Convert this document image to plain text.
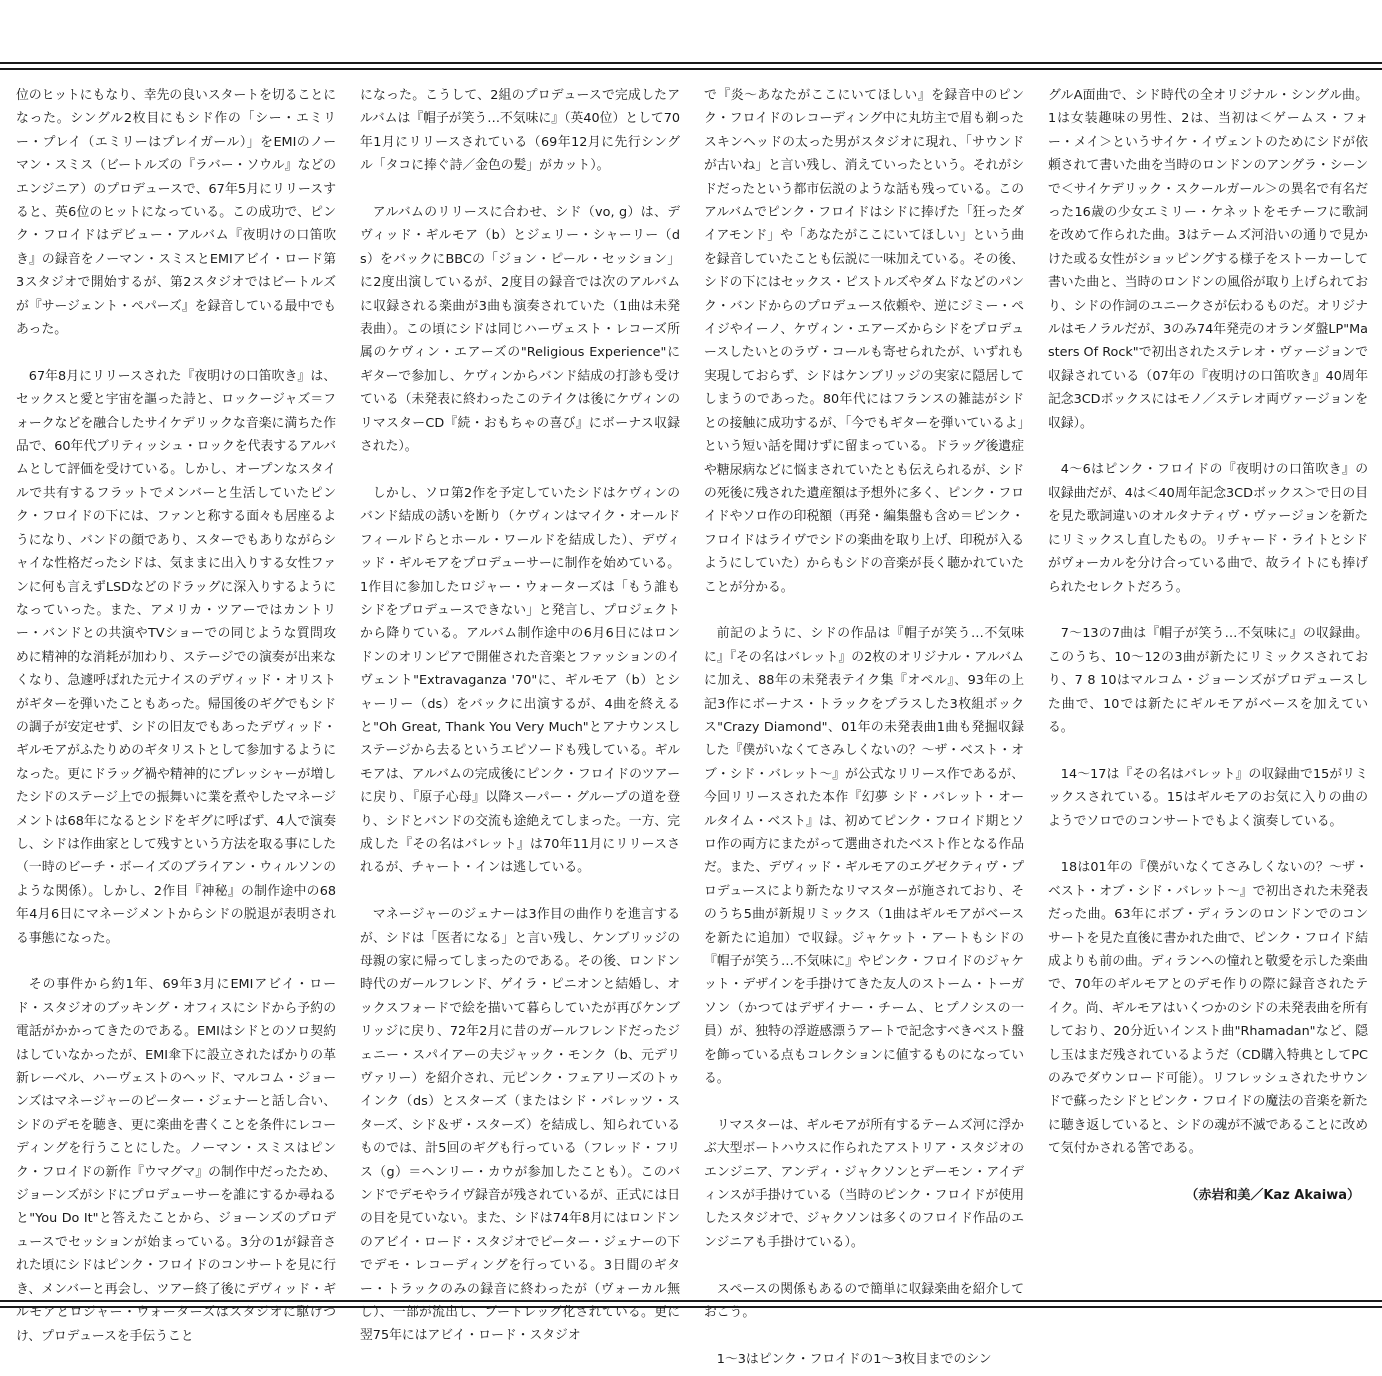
位のヒットにもなり、幸先の良いスタートを切ることになった。シングル2枚目にもシド作の「シー・エミリー・プレイ（エミリーはプレイガール）」をEMIのノーマン・スミス（ビートルズの『ラバー・ソウル』などのエンジニア）のプロデュースで、67年5月にリリースすると、英6位のヒットになっている。この成功で、ピンク・フロイドはデビュー・アルバム『夜明けの口笛吹き』の録音をノーマン・スミスとEMIアビイ・ロード第3スタジオで開始するが、第2スタジオではビートルズが『サージェント・ペパーズ』を録音している最中でもあった。

67年8月にリリースされた『夜明けの口笛吹き』は、セックスと愛と宇宙を謳った詩と、ロックージャズ＝フォークなどを融合したサイケデリックな音楽に満ちた作品で、60年代ブリティッシュ・ロックを代表するアルバムとして評価を受けている。しかし、オープンなスタイルで共有するフラットでメンバーと生活していたピンク・フロイドの下には、ファンと称する面々も居座るようになり、バンドの顔であり、スターでもありながらシャイな性格だったシドは、気ままに出入りする女性ファンに何も言えずLSDなどのドラッグに深入りするようになっていった。また、アメリカ・ツアーではカントリー・バンドとの共演やTVショーでの同じような質問攻めに精神的な消耗が加わり、ステージでの演奏が出来なくなり、急遽呼ばれた元ナイスのデヴィッド・オリストがギターを弾いたこともあった。帰国後のギグでもシドの調子が安定せず、シドの旧友でもあったデヴィッド・ギルモアがふたりめのギタリストとして参加するようになった。更にドラッグ禍や精神的にプレッシャーが増したシドのステージ上での振舞いに業を煮やしたマネージメントは68年になるとシドをギグに呼ばず、4人で演奏し、シドは作曲家として残すという方法を取る事にした（一時のビーチ・ボーイズのブライアン・ウィルソンのような関係）。しかし、2作目『神秘』の制作途中の68年4月6日にマネージメントからシドの脱退が表明される事態になった。

その事件から約1年、69年3月にEMIアビイ・ロード・スタジオのブッキング・オフィスにシドから予約の電話がかかってきたのである。EMIはシドとのソロ契約はしていなかったが、EMI傘下に設立されたばかりの革新レーベル、ハーヴェストのヘッド、マルコム・ジョーンズはマネージャーのピーター・ジェナーと話し合い、シドのデモを聴き、更に楽曲を書くことを条件にレコーディングを行うことにした。ノーマン・スミスはピンク・フロイドの新作『ウマグマ』の制作中だったため、ジョーンズがシドにプロデューサーを誰にするか尋ねると"You Do It"と答えたことから、ジョーンズのプロデュースでセッションが始まっている。3分の1が録音された頃にシドはピンク・フロイドのコンサートを見に行き、メンバーと再会し、ツアー終了後にデヴィッド・ギルモアとロジャー・ウォーターズはスタジオに駆けつけ、プロデュースを手伝うこと

になった。こうして、2組のプロデュースで完成したアルバムは『帽子が笑う…不気味に』（英40位）として70年1月にリリースされている（69年12月に先行シングル「タコに捧ぐ詩／金色の髪」がカット）。

アルバムのリリースに合わせ、シド（vo, g）は、デヴィッド・ギルモア（b）とジェリー・シャーリー（ds）をバックにBBCの「ジョン・ピール・セッション」に2度出演しているが、2度目の録音では次のアルバムに収録される楽曲が3曲も演奏されていた（1曲は未発表曲）。この頃にシドは同じハーヴェスト・レコーズ所属のケヴィン・エアーズの"Religious Experience"にギターで参加し、ケヴィンからバンド結成の打診も受けている（未発表に終わったこのテイクは後にケヴィンのリマスターCD『続・おもちゃの喜び』にボーナス収録された）。

しかし、ソロ第2作を予定していたシドはケヴィンのバンド結成の誘いを断り（ケヴィンはマイク・オールドフィールドらとホール・ワールドを結成した）、デヴィッド・ギルモアをプロデューサーに制作を始めている。1作目に参加したロジャー・ウォーターズは「もう誰もシドをプロデュースできない」と発言し、プロジェクトから降りている。アルバム制作途中の6月6日にはロンドンのオリンピアで開催された音楽とファッションのイヴェント"Extravaganza '70"に、ギルモア（b）とシャーリー（ds）をバックに出演するが、4曲を終えると"Oh Great, Thank You Very Much"とアナウンスしステージから去るというエピソードも残している。ギルモアは、アルバムの完成後にピンク・フロイドのツアーに戻り、『原子心母』以降スーパー・グループの道を登り、シドとバンドの交流も途絶えてしまった。一方、完成した『その名はバレット』は70年11月にリリースされるが、チャート・インは逃している。

マネージャーのジェナーは3作目の曲作りを進言するが、シドは「医者になる」と言い残し、ケンブリッジの母親の家に帰ってしまったのである。その後、ロンドン時代のガールフレンド、ゲイラ・ピニオンと結婚し、オックスフォードで絵を描いて暮らしていたが再びケンブリッジに戻り、72年2月に昔のガールフレンドだったジェニー・スパイアーの夫ジャック・モンク（b、元デリヴァリー）を紹介され、元ピンク・フェアリーズのトゥインク（ds）とスターズ（またはシド・バレッツ・スターズ、シド＆ザ・スターズ）を結成し、知られているものでは、計5回のギグも行っている（フレッド・フリス（g）＝ヘンリー・カウが参加したことも）。このバンドでデモやライヴ録音が残されているが、正式には日の目を見ていない。また、シドは74年8月にはロンドンのアビイ・ロード・スタジオでピーター・ジェナーの下でデモ・レコーディングを行っている。3日間のギター・トラックのみの録音に終わったが（ヴォーカル無し）、一部が流出し、ブートレッグ化されている。更に翌75年にはアビイ・ロード・スタジオ

で『炎～あなたがここにいてほしい』を録音中のピンク・フロイドのレコーディング中に丸坊主で眉も剃ったスキンヘッドの太った男がスタジオに現れ、「サウンドが古いね」と言い残し、消えていったという。それがシドだったという都市伝説のような話も残っている。このアルバムでピンク・フロイドはシドに捧げた「狂ったダイアモンド」や「あなたがここにいてほしい」という曲を録音していたことも伝説に一味加えている。その後、シドの下にはセックス・ピストルズやダムドなどのパンク・バンドからのプロデュース依頼や、逆にジミー・ペイジやイーノ、ケヴィン・エアーズからシドをプロデュースしたいとのラヴ・コールも寄せられたが、いずれも実現しておらず、シドはケンブリッジの実家に隠居してしまうのであった。80年代にはフランスの雑誌がシドとの接触に成功するが、「今でもギターを弾いているよ」という短い話を聞けずに留まっている。ドラッグ後遺症や糖尿病などに悩まされていたとも伝えられるが、シドの死後に残された遺産額は予想外に多く、ピンク・フロイドやソロ作の印税額（再発・編集盤も含め＝ピンク・フロイドはライヴでシドの楽曲を取り上げ、印税が入るようにしていた）からもシドの音楽が長く聴かれていたことが分かる。

前記のように、シドの作品は『帽子が笑う…不気味に』『その名はバレット』の2枚のオリジナル・アルバムに加え、88年の未発表テイク集『オペル』、93年の上記3作にボーナス・トラックをプラスした3枚組ボックス"Crazy Diamond"、01年の未発表曲1曲も発掘収録した『僕がいなくてさみしくないの？～ザ・ベスト・オブ・シド・バレット～』が公式なリリース作であるが、今回リリースされた本作『幻夢 シド・バレット・オールタイム・ベスト』は、初めてピンク・フロイド期とソロ作の両方にまたがって選曲されたベスト作となる作品だ。また、デヴィッド・ギルモアのエグゼクティヴ・プロデュースにより新たなリマスターが施されており、そのうち5曲が新規リミックス（1曲はギルモアがベースを新たに追加）で収録。ジャケット・アートもシドの『帽子が笑う…不気味に』やピンク・フロイドのジャケット・デザインを手掛けてきた友人のストーム・トーガソン（かつてはデザイナー・チーム、ヒプノシスの一員）が、独特の浮遊感漂うアートで記念すべきベスト盤を飾っている点もコレクションに値するものになっている。

リマスターは、ギルモアが所有するテームズ河に浮かぶ大型ボートハウスに作られたアストリア・スタジオのエンジニア、アンディ・ジャクソンとデーモン・アイディンスが手掛けている（当時のピンク・フロイドが使用したスタジオで、ジャクソンは多くのフロイド作品のエンジニアも手掛けている）。

スペースの関係もあるので簡単に収録楽曲を紹介しておこう。

1～3はピンク・フロイドの1～3枚目までのシン

グルA面曲で、シド時代の全オリジナル・シングル曲。1は女装趣味の男性、2は、当初は＜ゲームス・フォー・メイ＞というサイケ・イヴェントのためにシドが依頼されて書いた曲を当時のロンドンのアングラ・シーンで＜サイケデリック・スクールガール＞の異名で有名だった16歳の少女エミリー・ケネットをモチーフに歌詞を改めて作られた曲。3はテームズ河沿いの通りで見かけた或る女性がショッピングする様子をストーカーして書いた曲と、当時のロンドンの風俗が取り上げられており、シドの作詞のユニークさが伝わるものだ。オリジナルはモノラルだが、3のみ74年発売のオランダ盤LP"Masters Of Rock"で初出されたステレオ・ヴァージョンで収録されている（07年の『夜明けの口笛吹き』40周年記念3CDボックスにはモノ／ステレオ両ヴァージョンを収録）。

4～6はピンク・フロイドの『夜明けの口笛吹き』の収録曲だが、4は＜40周年記念3CDボックス＞で日の目を見た歌詞違いのオルタナティヴ・ヴァージョンを新たにリミックスし直したもの。リチャード・ライトとシドがヴォーカルを分け合っている曲で、故ライトにも捧げられたセレクトだろう。

7～13の7曲は『帽子が笑う…不気味に』の収録曲。このうち、10～12の3曲が新たにリミックスされており、7 8 10はマルコム・ジョーンズがプロデュースした曲で、10では新たにギルモアがベースを加えている。

14～17は『その名はバレット』の収録曲で15がリミックスされている。15はギルモアのお気に入りの曲のようでソロでのコンサートでもよく演奏している。

18は01年の『僕がいなくてさみしくないの？～ザ・ベスト・オブ・シド・バレット～』で初出された未発表だった曲。63年にボブ・ディランのロンドンでのコンサートを見た直後に書かれた曲で、ピンク・フロイド結成よりも前の曲。ディランへの憧れと敬愛を示した楽曲で、70年のギルモアとのデモ作りの際に録音されたテイク。尚、ギルモアはいくつかのシドの未発表曲を所有しており、20分近いインスト曲"Rhamadan"など、隠し玉はまだ残されているようだ（CD購入特典としてPCのみでダウンロード可能）。リフレッシュされたサウンドで蘇ったシドとピンク・フロイドの魔法の音楽を新たに聴き返していると、シドの魂が不滅であることに改めて気付かされる筈である。

（赤岩和美／Kaz Akaiwa）
